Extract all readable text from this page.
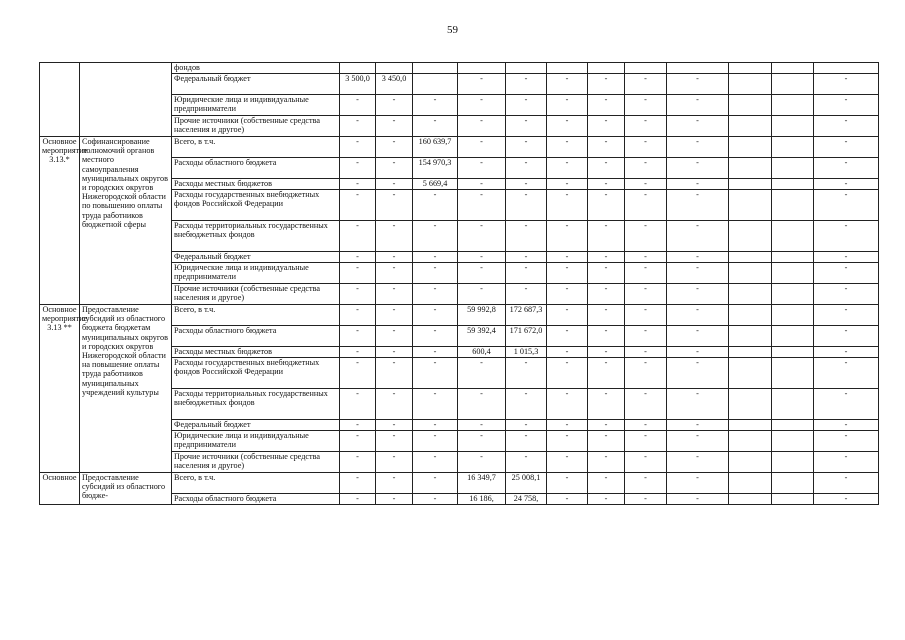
59
		фондов												
		Федеральный бюджет	3 500,0	3 450,0		-	-	-	-	-	-			-
		Юридические лица и индивидуальные предприниматели	-	-	-	-	-	-	-	-	-			-
		Прочие источники (собственные средства населения и другое)	-	-	-	-	-	-	-	-	-			-
Основное мероприятие 3.13.*	Софинансирование полномочий органов местного самоуправления муниципальных округов и городских округов Нижегородской области по повышению оплаты труда работников бюджетной сферы	Всего, в т.ч.	-	-	160 639,7	-	-	-	-	-	-			-
		Расходы областного бюджета	-	-	154 970,3	-	-	-	-	-	-			-
		Расходы местных бюджетов	-	-	5 669,4	-	-	-	-	-	-			-
		Расходы государственных внебюджетных фондов Российской Федерации	-	-	-	-	-	-	-	-	-			-
		Расходы территориальных государственных внебюджетных фондов	-	-	-	-	-	-	-	-	-			-
		Федеральный бюджет	-	-	-	-	-	-	-	-	-			-
		Юридические лица и индивидуальные предприниматели	-	-	-	-	-	-	-	-	-			-
		Прочие источники (собственные средства населения и другое)	-	-	-	-	-	-	-	-	-			-
Основное мероприятие 3.13 **	Предоставление субсидий из областного бюджета бюджетам муниципальных округов и городских округов Нижегородской области на повышение оплаты труда работников муниципальных учреждений культуры	Всего, в т.ч.	-	-	-	59 992,8	172 687,3	-	-	-	-			-
		Расходы областного бюджета	-	-	-	59 392,4	171 672,0	-	-	-	-			-
		Расходы местных бюджетов	-	-	-	600,4	1 015,3	-	-	-	-			-
		Расходы государственных внебюджетных фондов Российской Федерации	-	-	-	-	-	-	-	-	-			-
		Расходы территориальных государственных внебюджетных фондов	-	-	-	-	-	-	-	-	-			-
		Федеральный бюджет	-	-	-	-	-	-	-	-	-			-
		Юридические лица и индивидуальные предприниматели	-	-	-	-	-	-	-	-	-			-
		Прочие источники (собственные средства населения и другое)	-	-	-	-	-	-	-	-	-			-
Основное	Предоставление субсидий из областного бюдже-	Всего, в т.ч.	-	-	-	16 349,7	25 008,1	-	-	-	-			-
		Расходы областного бюджета	-	-	-	16 186,	24 758,	-	-	-	-			-
